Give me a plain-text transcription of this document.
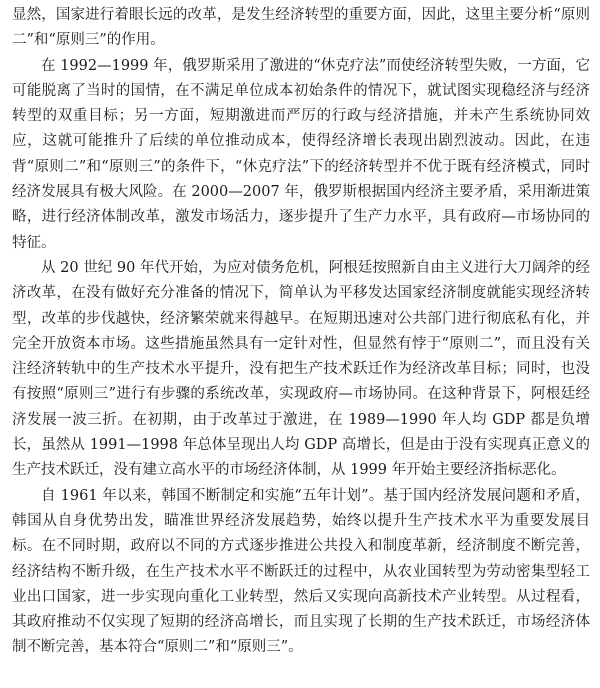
显然，国家进行着眼长远的改革，是发生经济转型的重要方面，因此，这里主要分析“原则二”和“原则三”的作用。

在 1992—1999 年，俄罗斯采用了激进的“休克疗法”而使经济转型失败，一方面，它可能脱离了当时的国情，在不满足单位成本初始条件的情况下，就试图实现稳经济与经济转型的双重目标；另一方面，短期激进而严厉的行政与经济措施，并未产生系统协同效应，这就可能推升了后续的单位推动成本，使得经济增长表现出剧烈波动。因此，在违背“原则二”和“原则三”的条件下，“休克疗法”下的经济转型并不优于既有经济模式，同时经济发展具有极大风险。在 2000—2007 年，俄罗斯根据国内经济主要矛盾，采用渐进策略，进行经济体制改革，激发市场活力，逐步提升了生产力水平，具有政府—市场协同的特征。

从 20 世纪 90 年代开始，为应对债务危机，阿根廷按照新自由主义进行大刀阔斧的经济改革，在没有做好充分准备的情况下，简单认为平移发达国家经济制度就能实现经济转型，改革的步伐越快，经济繁荣就来得越早。在短期迅速对公共部门进行彻底私有化，并完全开放资本市场。这些措施虽然具有一定针对性，但显然有悖于“原则二”，而且没有关注经济转轨中的生产技术水平提升，没有把生产技术跃迁作为经济改革目标；同时，也没有按照“原则三”进行有步骤的系统改革，实现政府—市场协同。在这种背景下，阿根廷经济发展一波三折。在初期，由于改革过于激进，在 1989—1990 年人均 GDP 都是负增长，虽然从 1991—1998 年总体呈现出人均 GDP 高增长，但是由于没有实现真正意义的生产技术跃迁，没有建立高水平的市场经济体制，从 1999 年开始主要经济指标恶化。

自 1961 年以来，韩国不断制定和实施“五年计划”。基于国内经济发展问题和矛盾，韩国从自身优势出发，瞄准世界经济发展趋势，始终以提升生产技术水平为重要发展目标。在不同时期，政府以不同的方式逐步推进公共投入和制度革新，经济制度不断完善，经济结构不断升级，在生产技术水平不断跃迁的过程中，从农业国转型为劳动密集型轻工业出口国家，进一步实现向重化工业转型，然后又实现向高新技术产业转型。从过程看，其政府推动不仅实现了短期的经济高增长，而且实现了长期的生产技术跃迁，市场经济体制不断完善，基本符合“原则二”和“原则三”。
